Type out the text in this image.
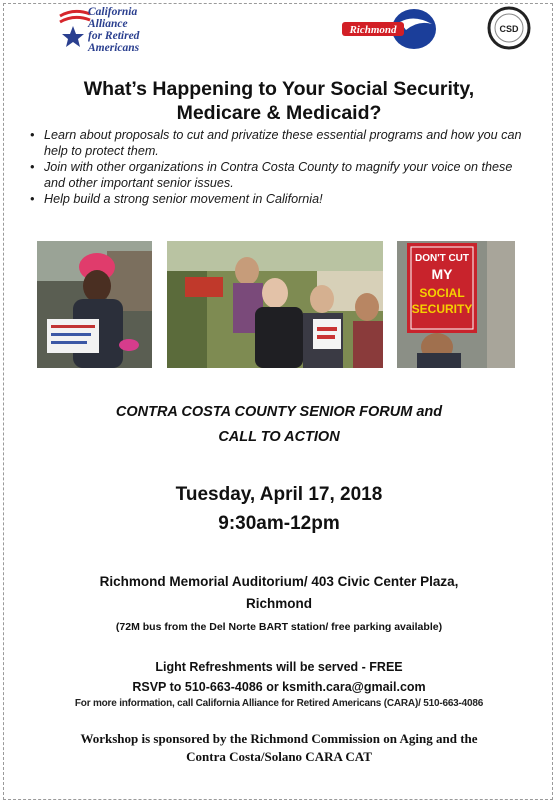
California
Alliance
for Retired
Americans
Richmond	CSD
What’s Happening to Your Social Security,
Medicare & Medicaid?
• Learn about proposals to cut and privatize these essential programs and how you can help to protect them.
• Join with other organizations in Contra Costa County to magnify your voice on these and other important senior issues.
• Help build a strong senior movement in California!
DON'T CUT
MY
SOCIAL
SECURITY
CONTRA COSTA COUNTY SENIOR FORUM and
CALL TO ACTION
Tuesday, April 17, 2018
9:30am-12pm
Richmond Memorial Auditorium/ 403 Civic Center Plaza,
Richmond
(72M bus from the Del Norte BART station/ free parking available)
Light Refreshments will be served - FREE
RSVP to 510-663-4086 or ksmith.cara@gmail.com
For more information, call California Alliance for Retired Americans (CARA)/ 510-663-4086
Workshop is sponsored by the Richmond Commission on Aging and the
Contra Costa/Solano CARA CAT
